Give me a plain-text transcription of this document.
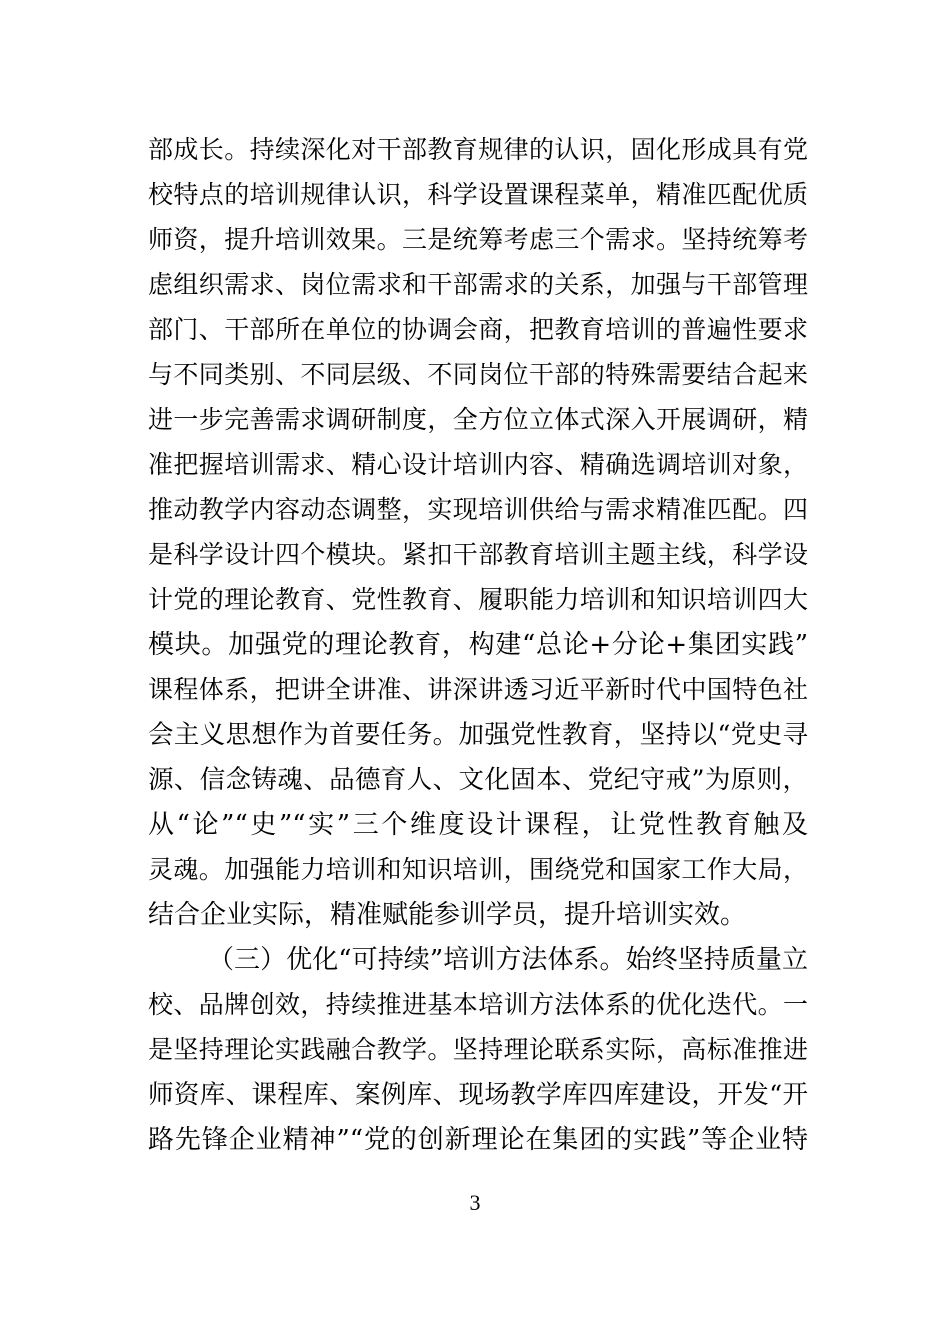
部成长。持续深化对干部教育规律的认识，固化形成具有党
校特点的培训规律认识，科学设置课程菜单，精准匹配优质
师资，提升培训效果。三是统筹考虑三个需求。坚持统筹考
虑组织需求、岗位需求和干部需求的关系，加强与干部管理
部门、干部所在单位的协调会商，把教育培训的普遍性要求
与不同类别、不同层级、不同岗位干部的特殊需要结合起来
进一步完善需求调研制度，全方位立体式深入开展调研，精
准把握培训需求、精心设计培训内容、精确选调培训对象，
推动教学内容动态调整，实现培训供给与需求精准匹配。四
是科学设计四个模块。紧扣干部教育培训主题主线，科学设
计党的理论教育、党性教育、履职能力培训和知识培训四大
模块。加强党的理论教育，构建“总论+分论+集团实践”
课程体系，把讲全讲准、讲深讲透习近平新时代中国特色社
会主义思想作为首要任务。加强党性教育，坚持以“党史寻
源、信念铸魂、品德育人、文化固本、党纪守戒”为原则，
从“论”“史”“实”三个维度设计课程，让党性教育触及
灵魂。加强能力培训和知识培训，围绕党和国家工作大局，
结合企业实际，精准赋能参训学员，提升培训实效。
（三）优化“可持续”培训方法体系。始终坚持质量立
校、品牌创效，持续推进基本培训方法体系的优化迭代。一
是坚持理论实践融合教学。坚持理论联系实际，高标准推进
师资库、课程库、案例库、现场教学库四库建设，开发“开
路先锋企业精神”“党的创新理论在集团的实践”等企业特
3
